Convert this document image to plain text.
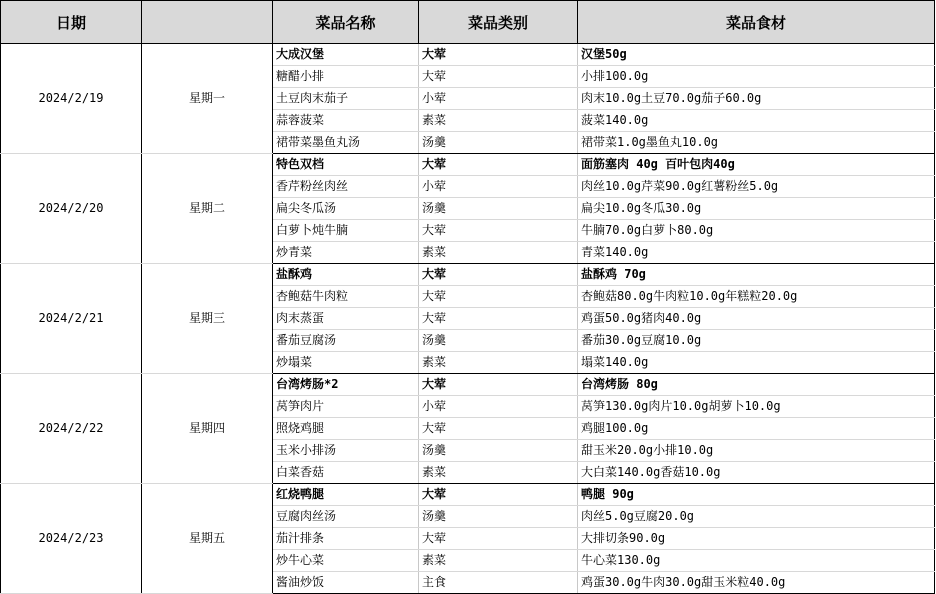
日期		菜品名称	菜品类别	菜品食材
2024/2/19	星期一	大成汉堡	大荤	汉堡50g
		糖醋小排	大荤	小排100.0g
		土豆肉末茄子	小荤	肉末10.0g土豆70.0g茄子60.0g
		蒜蓉菠菜	素菜	菠菜140.0g
		裙带菜墨鱼丸汤	汤羹	裙带菜1.0g墨鱼丸10.0g
2024/2/20	星期二	特色双档	大荤	面筋塞肉 40g 百叶包肉40g
		香芹粉丝肉丝	小荤	肉丝10.0g芹菜90.0g红薯粉丝5.0g
		扁尖冬瓜汤	汤羹	扁尖10.0g冬瓜30.0g
		白萝卜炖牛腩	大荤	牛腩70.0g白萝卜80.0g
		炒青菜	素菜	青菜140.0g
2024/2/21	星期三	盐酥鸡	大荤	盐酥鸡 70g
		杏鲍菇牛肉粒	大荤	杏鲍菇80.0g牛肉粒10.0g年糕粒20.0g
		肉末蒸蛋	大荤	鸡蛋50.0g猪肉40.0g
		番茄豆腐汤	汤羹	番茄30.0g豆腐10.0g
		炒塌菜	素菜	塌菜140.0g
2024/2/22	星期四	台湾烤肠*2	大荤	台湾烤肠 80g
		莴笋肉片	小荤	莴笋130.0g肉片10.0g胡萝卜10.0g
		照烧鸡腿	大荤	鸡腿100.0g
		玉米小排汤	汤羹	甜玉米20.0g小排10.0g
		白菜香菇	素菜	大白菜140.0g香菇10.0g
2024/2/23	星期五	红烧鸭腿	大荤	鸭腿 90g
		豆腐肉丝汤	汤羹	肉丝5.0g豆腐20.0g
		茄汁排条	大荤	大排切条90.0g
		炒牛心菜	素菜	牛心菜130.0g
		酱油炒饭	主食	鸡蛋30.0g牛肉30.0g甜玉米粒40.0g
